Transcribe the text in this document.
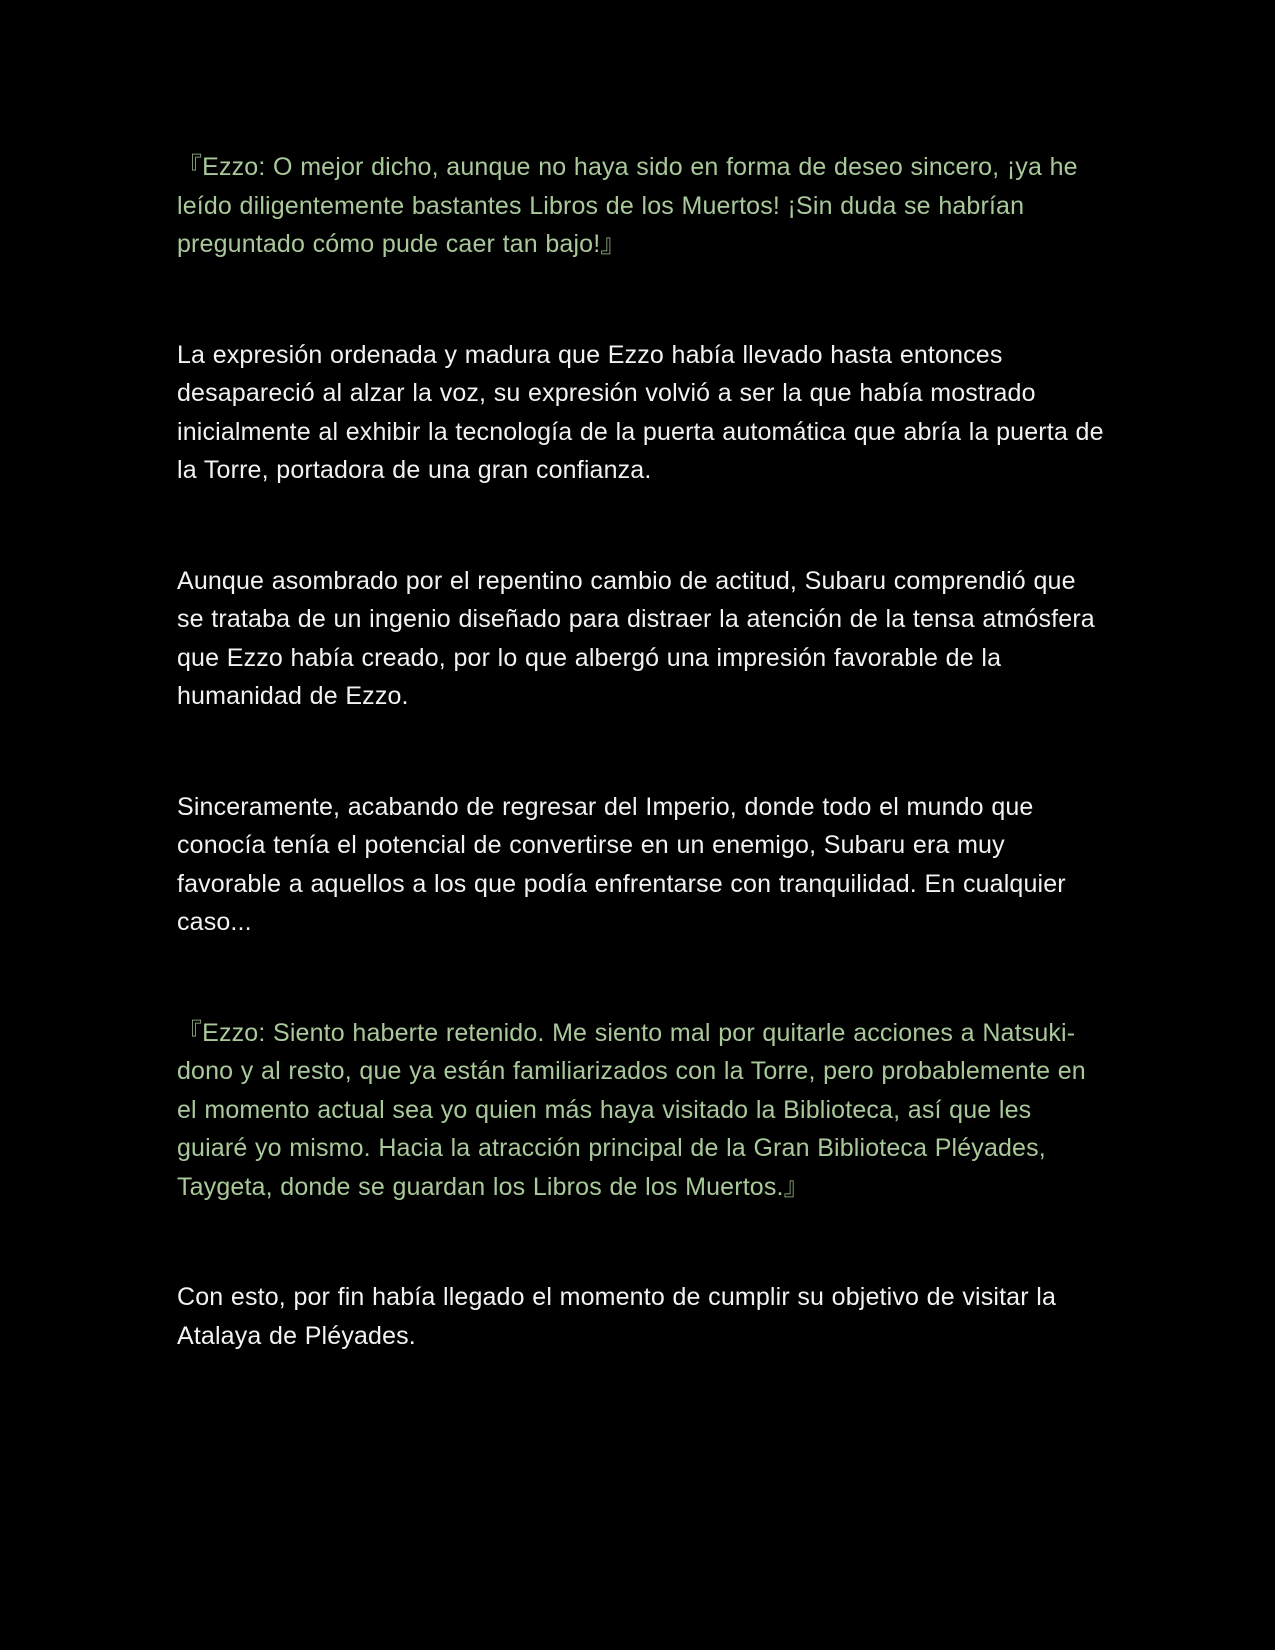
『Ezzo: O mejor dicho, aunque no haya sido en forma de deseo sincero, ¡ya he leído diligentemente bastantes Libros de los Muertos! ¡Sin duda se habrían preguntado cómo pude caer tan bajo!』

La expresión ordenada y madura que Ezzo había llevado hasta entonces desapareció al alzar la voz, su expresión volvió a ser la que había mostrado inicialmente al exhibir la tecnología de la puerta automática que abría la puerta de la Torre, portadora de una gran confianza.

Aunque asombrado por el repentino cambio de actitud, Subaru comprendió que se trataba de un ingenio diseñado para distraer la atención de la tensa atmósfera que Ezzo había creado, por lo que albergó una impresión favorable de la humanidad de Ezzo.

Sinceramente, acabando de regresar del Imperio, donde todo el mundo que conocía tenía el potencial de convertirse en un enemigo, Subaru era muy favorable a aquellos a los que podía enfrentarse con tranquilidad. En cualquier caso...

『Ezzo: Siento haberte retenido. Me siento mal por quitarle acciones a Natsuki-dono y al resto, que ya están familiarizados con la Torre, pero probablemente en el momento actual sea yo quien más haya visitado la Biblioteca, así que les guiaré yo mismo. Hacia la atracción principal de la Gran Biblioteca Pléyades, Taygeta, donde se guardan los Libros de los Muertos.』

Con esto, por fin había llegado el momento de cumplir su objetivo de visitar la Atalaya de Pléyades.
